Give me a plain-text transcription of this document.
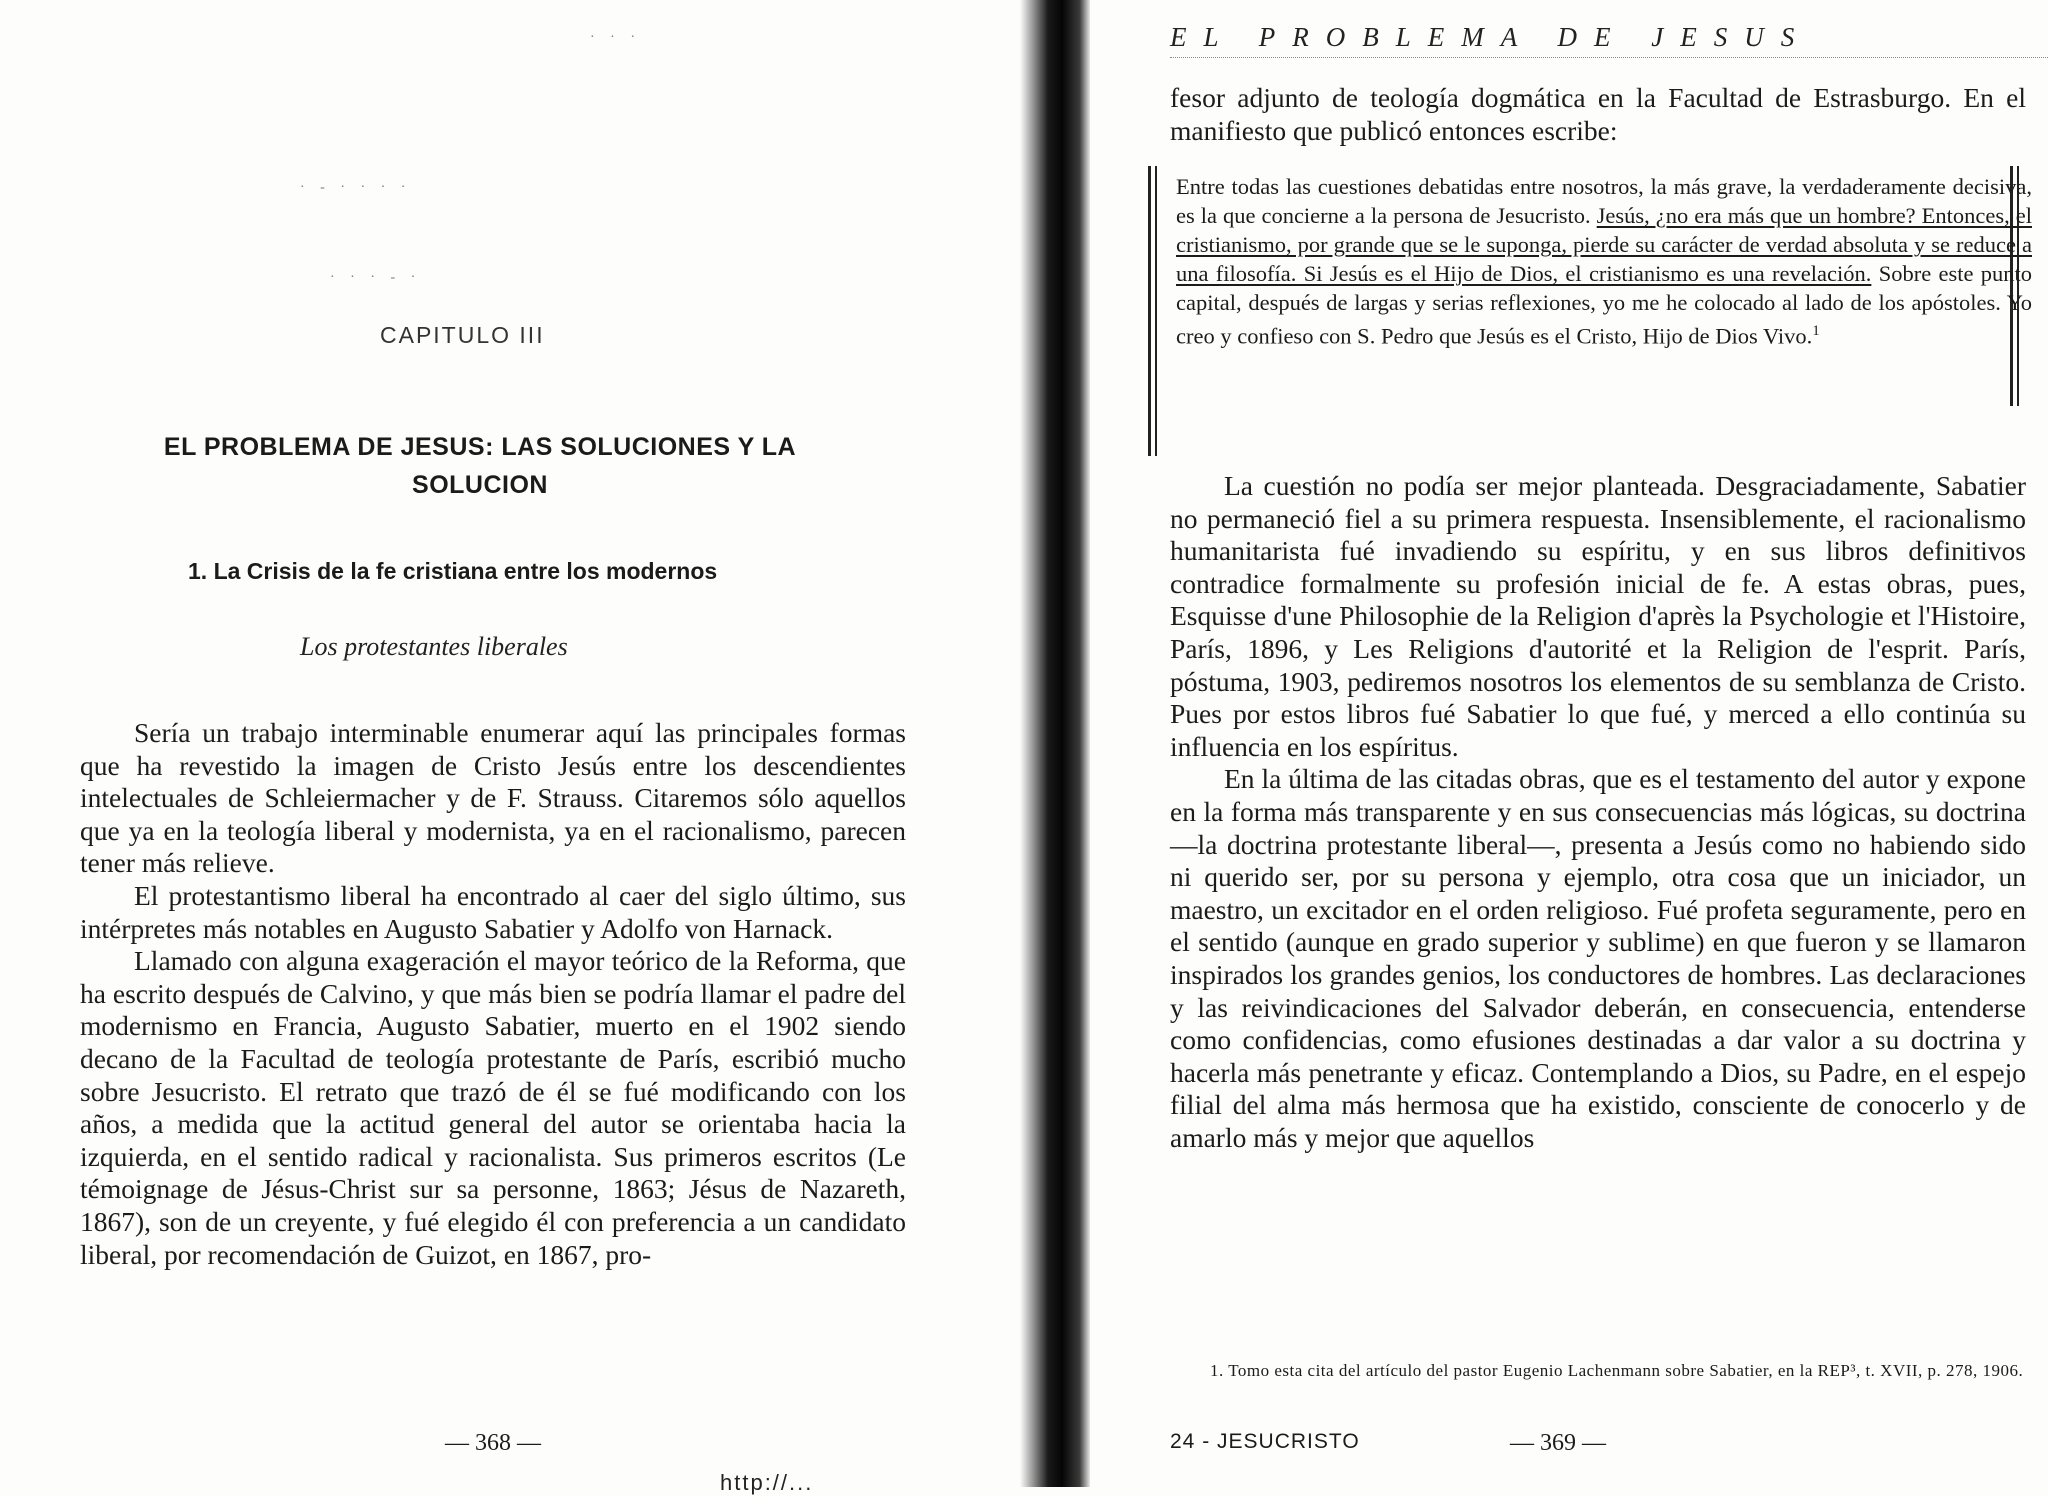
· · ·
· - · · · ·
· · · - ·
CAPITULO III
EL PROBLEMA DE JESUS: LAS SOLUCIONES Y LA SOLUCION
1. La Crisis de la fe cristiana entre los modernos
Los protestantes liberales

Sería un trabajo interminable enumerar aquí las principales formas que ha revestido la imagen de Cristo Jesús entre los descendientes intelectuales de Schleiermacher y de F. Strauss. Citaremos sólo aquellos que ya en la teología liberal y modernista, ya en el racionalismo, parecen tener más relieve.

El protestantismo liberal ha encontrado al caer del siglo último, sus intérpretes más notables en Augusto Sabatier y Adolfo von Harnack.

Llamado con alguna exageración el mayor teórico de la Reforma, que ha escrito después de Calvino, y que más bien se podría llamar el padre del modernismo en Francia, Augusto Sabatier, muerto en el 1902 siendo decano de la Facultad de teología protestante de París, escribió mucho sobre Jesucristo. El retrato que trazó de él se fué modificando con los años, a medida que la actitud general del autor se orientaba hacia la izquierda, en el sentido radical y racionalista. Sus primeros escritos (Le témoignage de Jésus-Christ sur sa personne, 1863; Jésus de Nazareth, 1867), son de un creyente, y fué elegido él con preferencia a un candidato liberal, por recomendación de Guizot, en 1867, pro-

— 368 —
EL PROBLEMA DE JESUS

fesor adjunto de teología dogmática en la Facultad de Estrasburgo. En el manifiesto que publicó entonces escribe:

Entre todas las cuestiones debatidas entre nosotros, la más grave, la verdaderamente decisiva, es la que concierne a la persona de Jesucristo. Jesús, ¿no era más que un hombre? Entonces, el cristianismo, por grande que se le suponga, pierde su carácter de verdad absoluta y se reduce a una filosofía. Si Jesús es el Hijo de Dios, el cristianismo es una revelación. Sobre este punto capital, después de largas y serias reflexiones, yo me he colocado al lado de los apóstoles. Yo creo y confieso con S. Pedro que Jesús es el Cristo, Hijo de Dios Vivo.$^1$

La cuestión no podía ser mejor planteada. Desgraciadamente, Sabatier no permaneció fiel a su primera respuesta. Insensiblemente, el racionalismo humanitarista fué invadiendo su espíritu, y en sus libros definitivos contradice formalmente su profesión inicial de fe. A estas obras, pues, Esquisse d'une Philosophie de la Religion d'après la Psychologie et l'Histoire, París, 1896, y Les Religions d'autorité et la Religion de l'esprit. París, póstuma, 1903, pediremos nosotros los elementos de su semblanza de Cristo. Pues por estos libros fué Sabatier lo que fué, y merced a ello continúa su influencia en los espíritus.

En la última de las citadas obras, que es el testamento del autor y expone en la forma más transparente y en sus consecuencias más lógicas, su doctrina —la doctrina protestante liberal—, presenta a Jesús como no habiendo sido ni querido ser, por su persona y ejemplo, otra cosa que un iniciador, un maestro, un excitador en el orden religioso. Fué profeta seguramente, pero en el sentido (aunque en grado superior y sublime) en que fueron y se llamaron inspirados los grandes genios, los conductores de hombres. Las declaraciones y las reivindicaciones del Salvador deberán, en consecuencia, entenderse como confidencias, como efusiones destinadas a dar valor a su doctrina y hacerla más penetrante y eficaz. Contemplando a Dios, su Padre, en el espejo filial del alma más hermosa que ha existido, consciente de conocerlo y de amarlo más y mejor que aquellos

1. Tomo esta cita del artículo del pastor Eugenio Lachenmann sobre Sabatier, en la REP³, t. XVII, p. 278, 1906.

24 - JESUCRISTO	— 369 —
http://...
